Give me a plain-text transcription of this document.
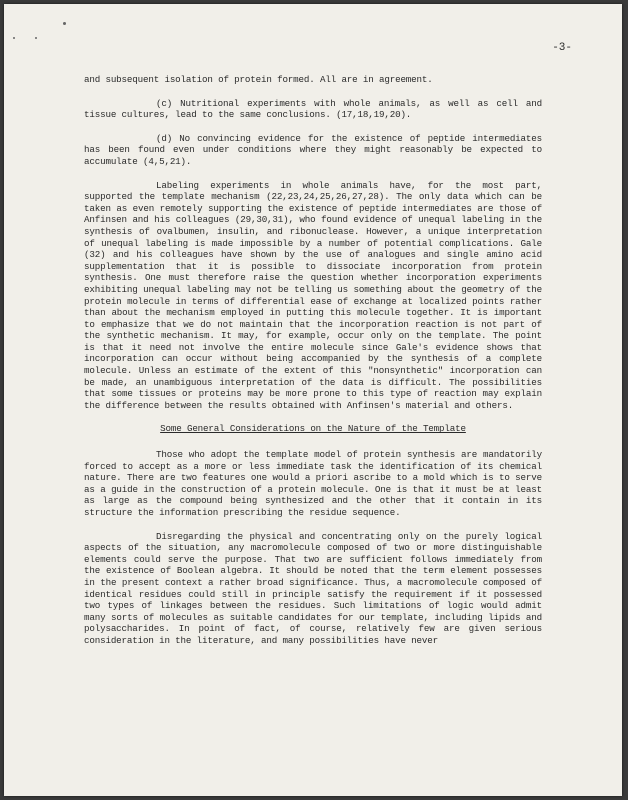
-3-

and subsequent isolation of protein formed. All are in agreement.

(c) Nutritional experiments with whole animals, as well as cell and tissue cultures, lead to the same conclusions. (17,18,19,20).

(d) No convincing evidence for the existence of peptide intermediates has been found even under conditions where they might reasonably be expected to accumulate (4,5,21).

Labeling experiments in whole animals have, for the most part, supported the template mechanism (22,23,24,25,26,27,28). The only data which can be taken as even remotely supporting the existence of peptide intermediates are those of Anfinsen and his colleagues (29,30,31), who found evidence of unequal labeling in the synthesis of ovalbumen, insulin, and ribonuclease. However, a unique interpretation of unequal labeling is made impossible by a number of potential complications. Gale (32) and his colleagues have shown by the use of analogues and single amino acid supplementation that it is possible to dissociate incorporation from protein synthesis. One must therefore raise the question whether incorporation experiments exhibiting unequal labeling may not be telling us something about the geometry of the protein molecule in terms of differential ease of exchange at localized points rather than about the mechanism employed in putting this molecule together. It is important to emphasize that we do not maintain that the incorporation reaction is not part of the synthetic mechanism. It may, for example, occur only on the template. The point is that it need not involve the entire molecule since Gale's evidence shows that incorporation can occur without being accompanied by the synthesis of a complete molecule. Unless an estimate of the extent of this "nonsynthetic" incorporation can be made, an unambiguous interpretation of the data is difficult. The possibilities that some tissues or proteins may be more prone to this type of reaction may explain the difference between the results obtained with Anfinsen's material and others.

Some General Considerations on the Nature of the Template

Those who adopt the template model of protein synthesis are mandatorily forced to accept as a more or less immediate task the identification of its chemical nature. There are two features one would a priori ascribe to a mold which is to serve as a guide in the construction of a protein molecule. One is that it must be at least as large as the compound being synthesized and the other that it contain in its structure the information prescribing the residue sequence.

Disregarding the physical and concentrating only on the purely logical aspects of the situation, any macromolecule composed of two or more distinguishable elements could serve the purpose. That two are sufficient follows immediately from the existence of Boolean algebra. It should be noted that the term element possesses in the present context a rather broad significance. Thus, a macromolecule composed of identical residues could still in principle satisfy the requirement if it possessed two types of linkages between the residues. Such limitations of logic would admit many sorts of molecules as suitable candidates for our template, including lipids and polysaccharides. In point of fact, of course, relatively few are given serious consideration in the literature, and many possibilities have never
